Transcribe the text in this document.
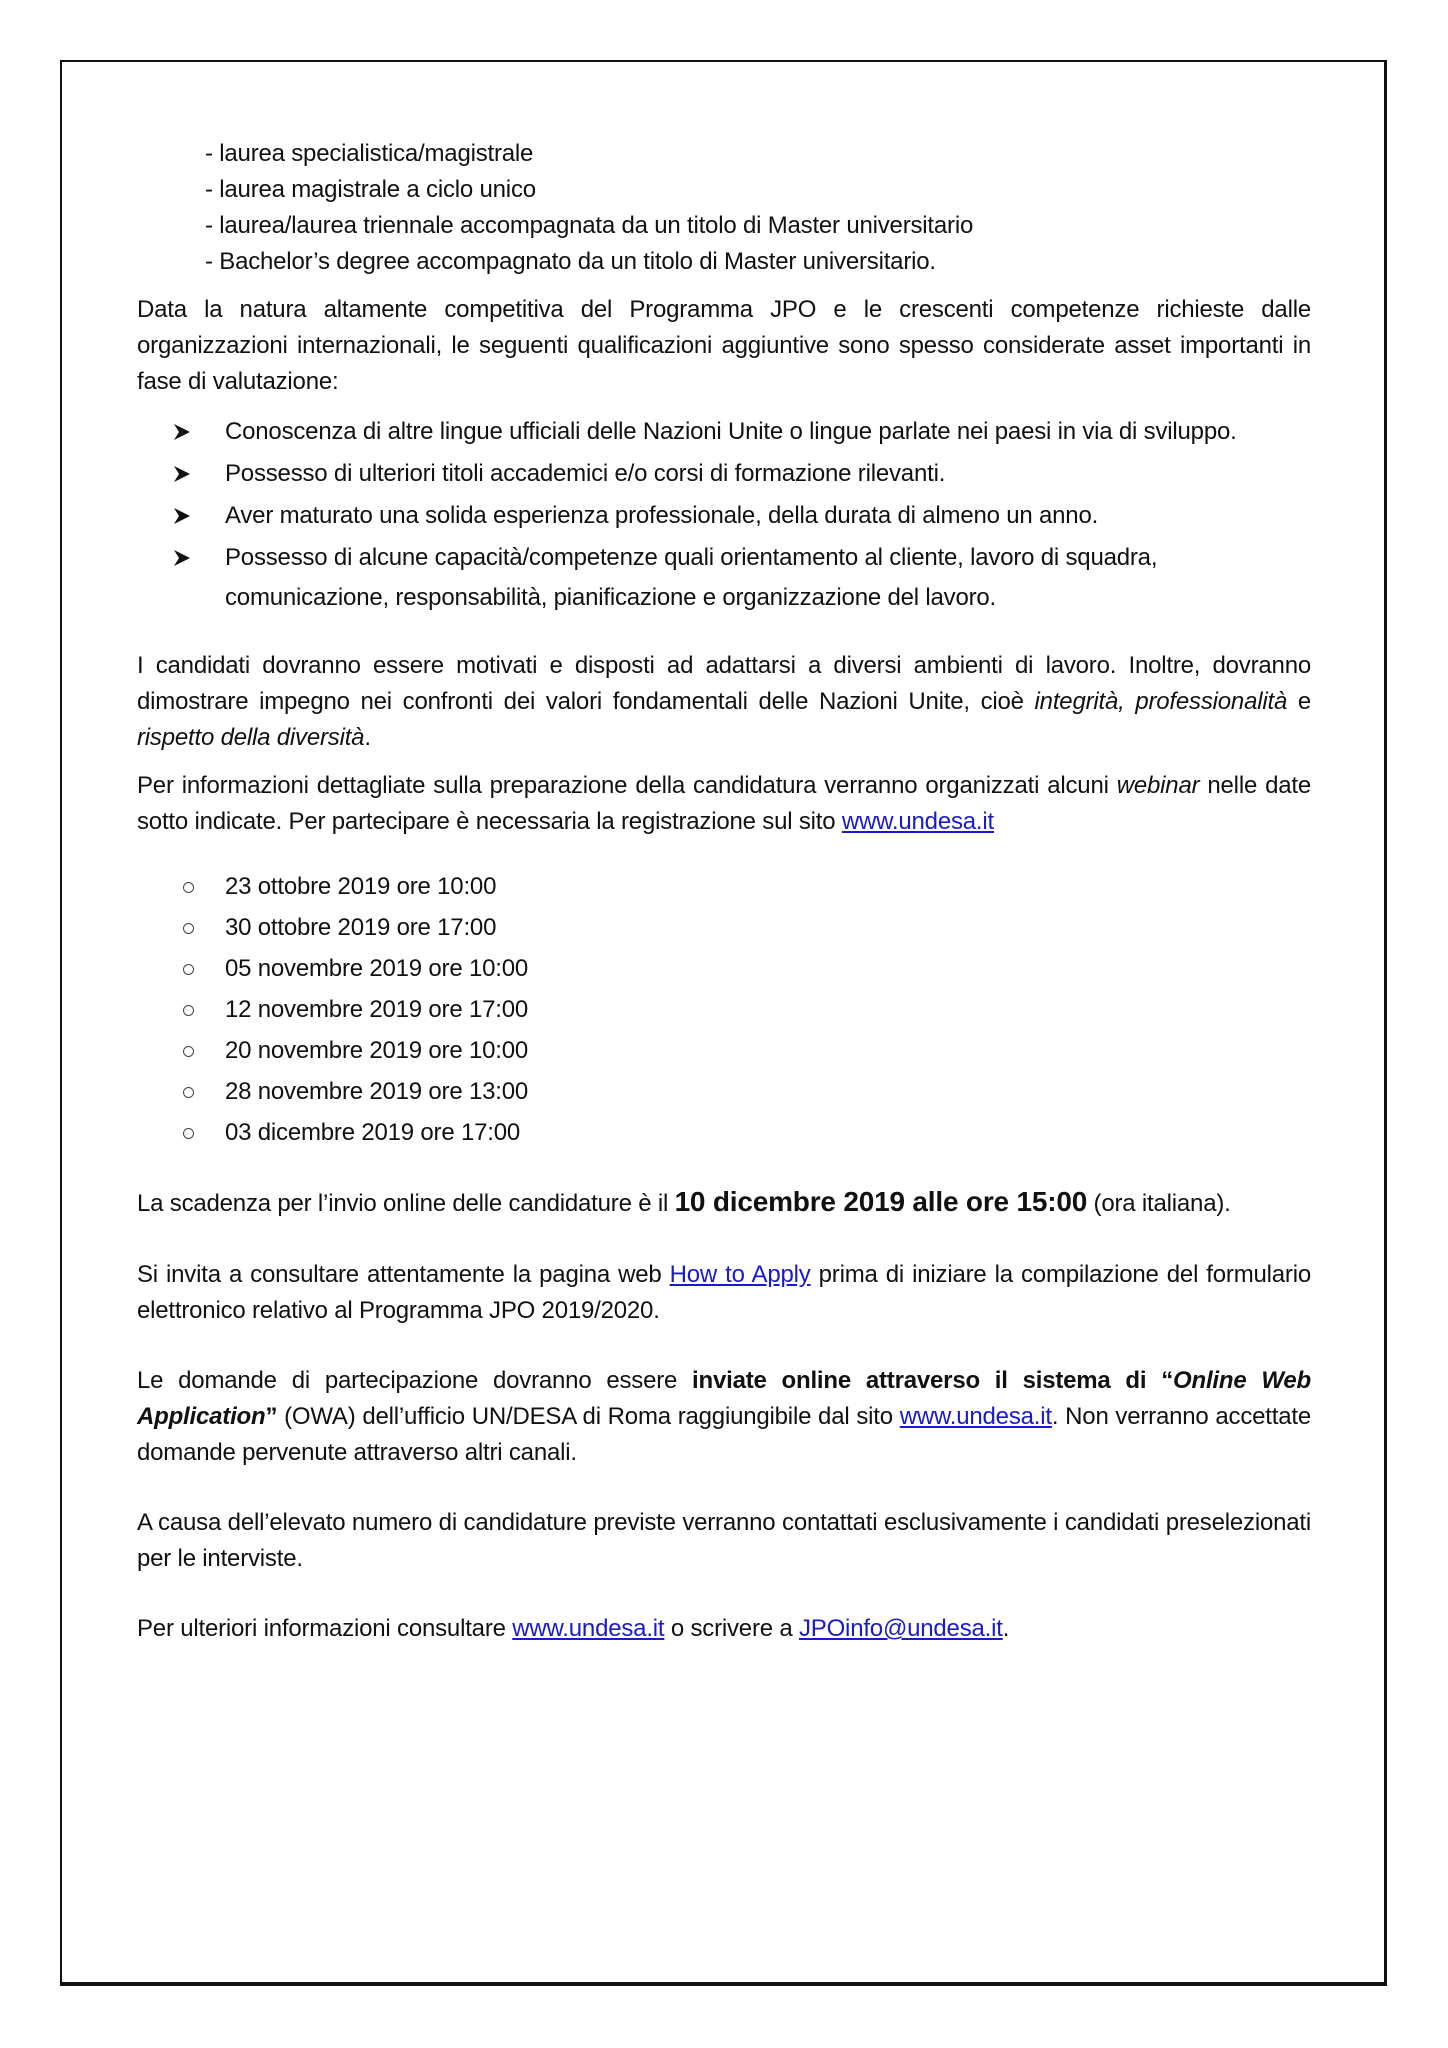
- laurea specialistica/magistrale
- laurea magistrale a ciclo unico
- laurea/laurea triennale accompagnata da un titolo di Master universitario
- Bachelor’s degree accompagnato da un titolo di Master universitario.

Data la natura altamente competitiva del Programma JPO e le crescenti competenze richieste dalle organizzazioni internazionali, le seguenti qualificazioni aggiuntive sono spesso considerate asset importanti in fase di valutazione:

Conoscenza di altre lingue ufficiali delle Nazioni Unite o lingue parlate nei paesi in via di sviluppo.
Possesso di ulteriori titoli accademici e/o corsi di formazione rilevanti.
Aver maturato una solida esperienza professionale, della durata di almeno un anno.
Possesso di alcune capacità/competenze quali orientamento al cliente, lavoro di squadra, comunicazione, responsabilità, pianificazione e organizzazione del lavoro.

I candidati dovranno essere motivati e disposti ad adattarsi a diversi ambienti di lavoro. Inoltre, dovranno dimostrare impegno nei confronti dei valori fondamentali delle Nazioni Unite, cioè integrità, professionalità e rispetto della diversità.

Per informazioni dettagliate sulla preparazione della candidatura verranno organizzati alcuni webinar nelle date sotto indicate. Per partecipare è necessaria la registrazione sul sito www.undesa.it

23 ottobre 2019 ore 10:00
30 ottobre 2019 ore 17:00
05 novembre 2019 ore 10:00
12 novembre 2019 ore 17:00
20 novembre 2019 ore 10:00
28 novembre 2019 ore 13:00
03 dicembre 2019 ore 17:00

La scadenza per l’invio online delle candidature è il 10 dicembre 2019 alle ore 15:00 (ora italiana).

Si invita a consultare attentamente la pagina web How to Apply prima di iniziare la compilazione del formulario elettronico relativo al Programma JPO 2019/2020.

Le domande di partecipazione dovranno essere inviate online attraverso il sistema di “Online Web Application” (OWA) dell’ufficio UN/DESA di Roma raggiungibile dal sito www.undesa.it. Non verranno accettate domande pervenute attraverso altri canali.

A causa dell’elevato numero di candidature previste verranno contattati esclusivamente i candidati preselezionati per le interviste.

Per ulteriori informazioni consultare www.undesa.it o scrivere a JPOinfo@undesa.it.
